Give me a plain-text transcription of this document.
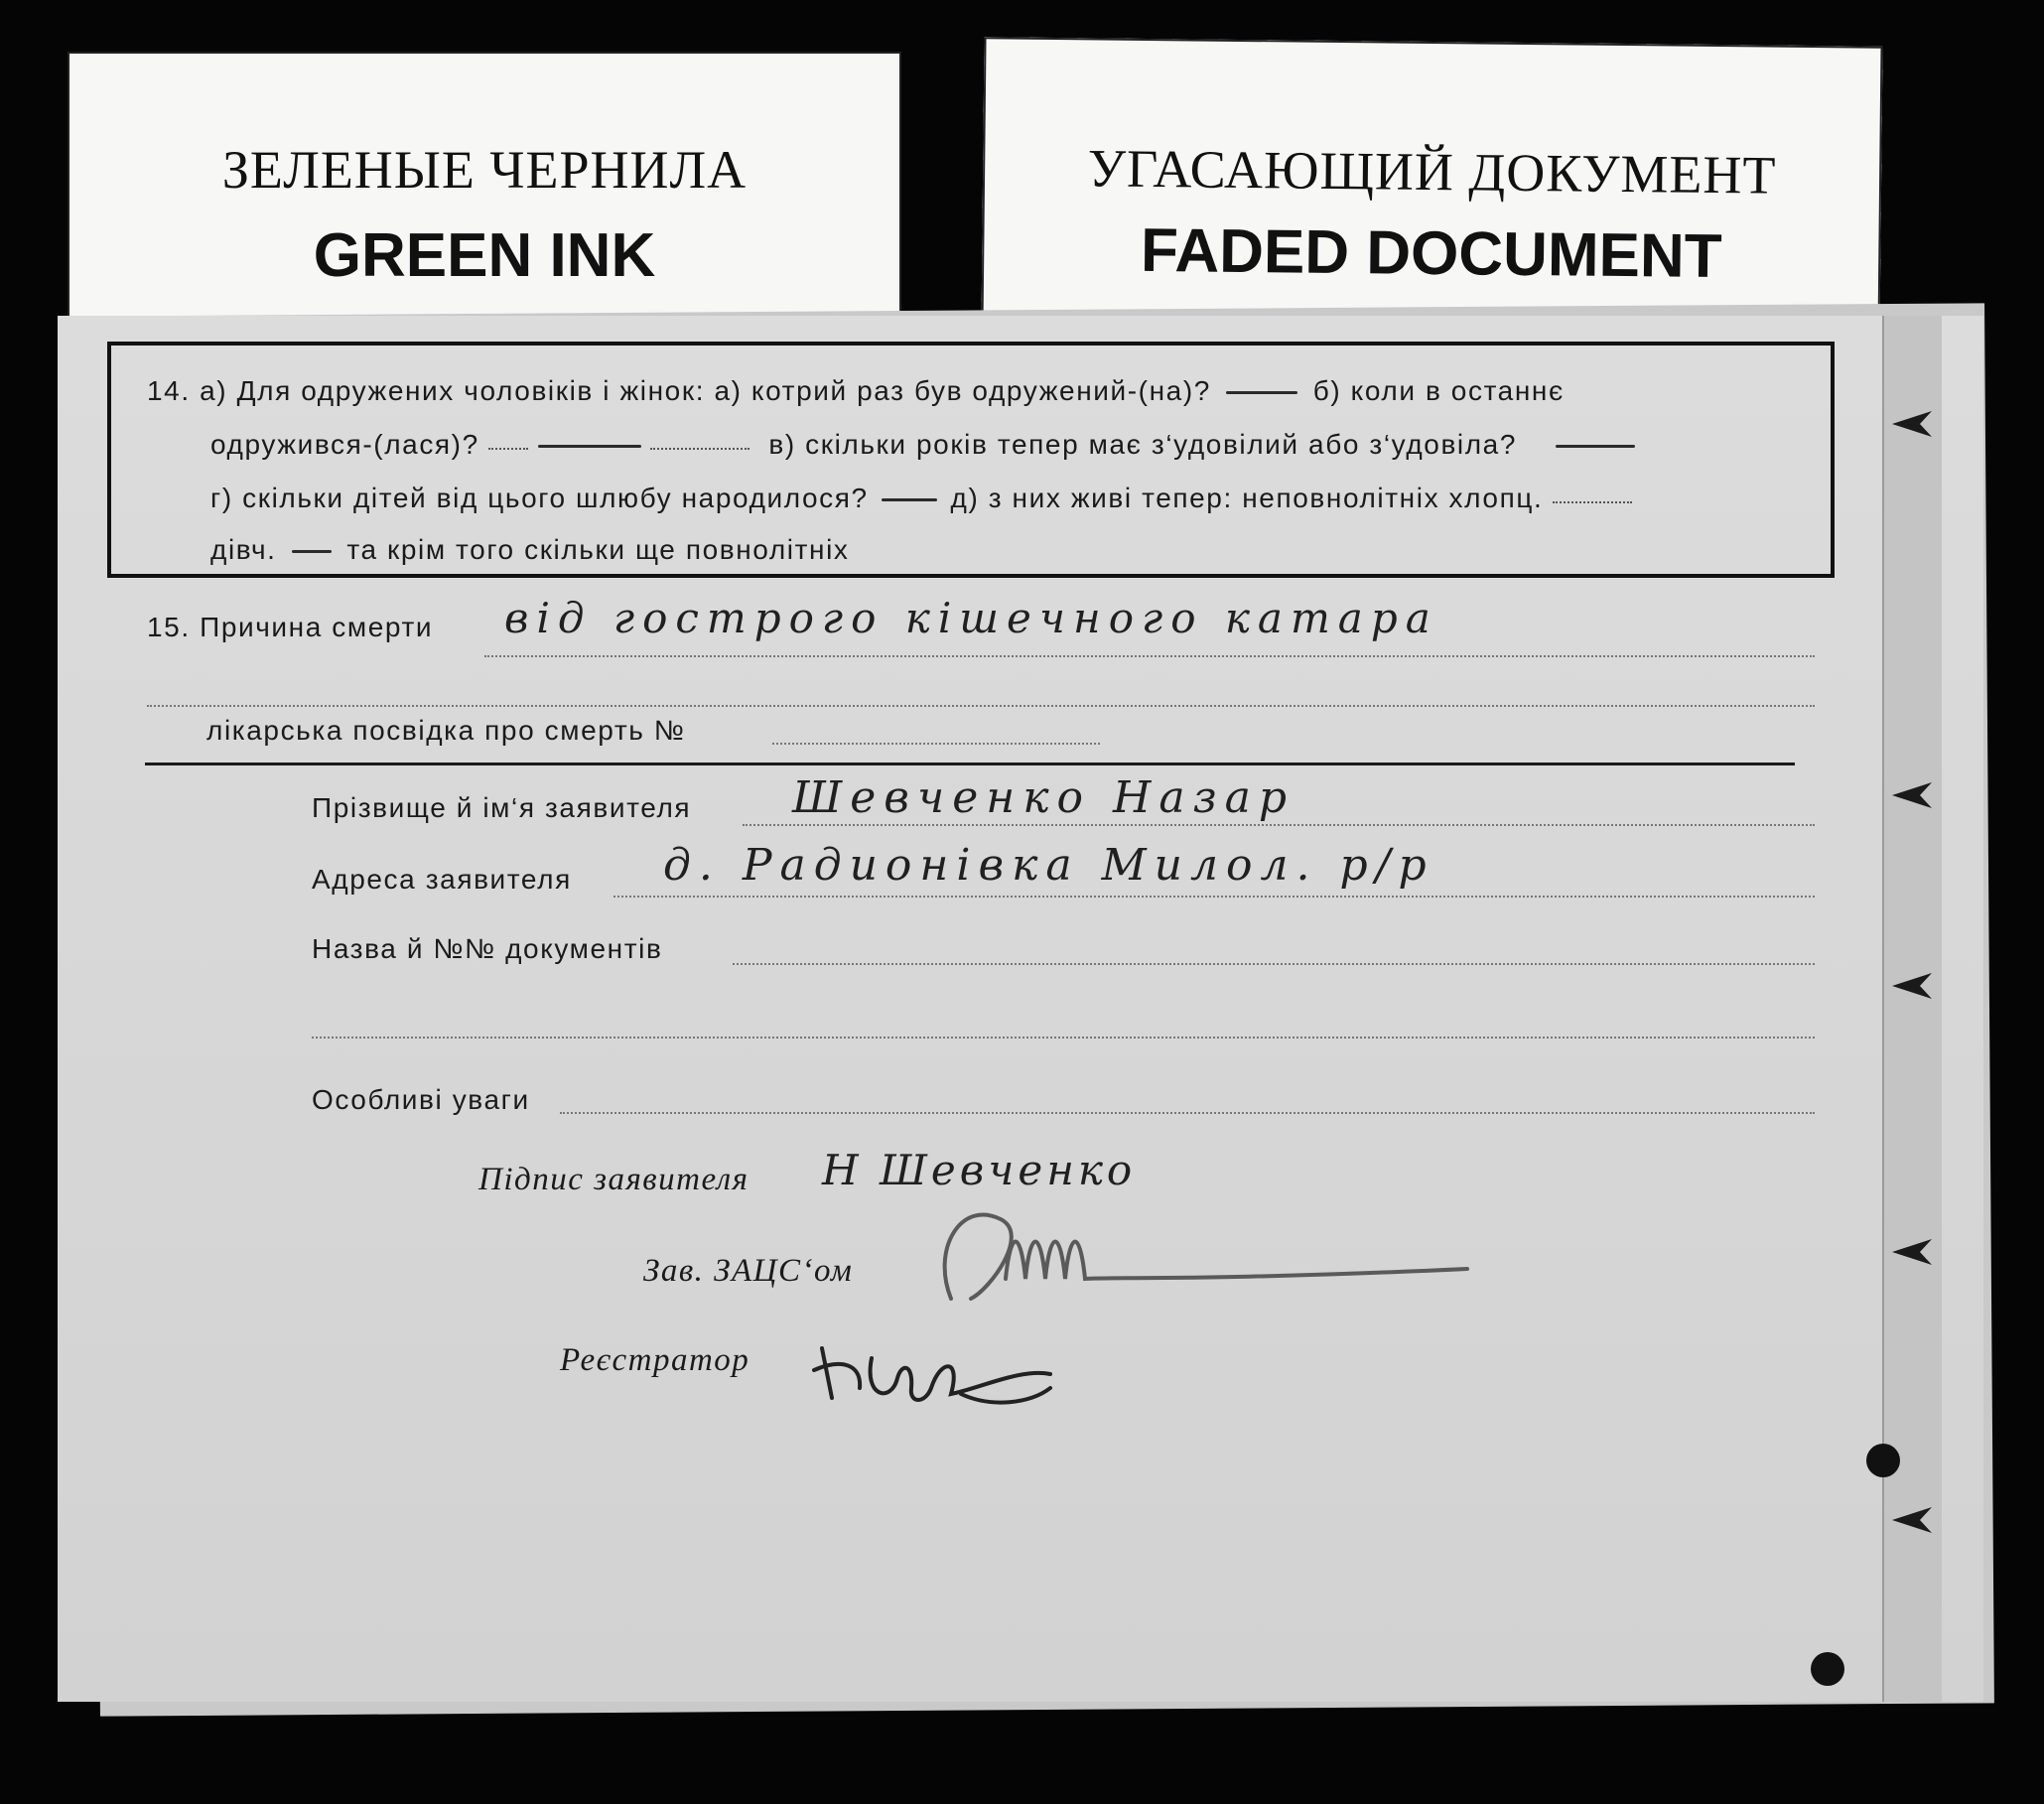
ЗЕЛЕНЫЕ ЧЕРНИЛА
GREEN INK
УГАСАЮЩИЙ ДОКУМЕНТ
FADED DOCUMENT
14. а) Для одружених чоловіків і жінок: а) котрий раз був одружений-(на)?	б) коли в останнє
одружився-(лася)?	в) скільки років тепер має з‘удовілий або з‘удовіла?
г) скільки дітей від цього шлюбу народилося?	д) з них живі тепер: неповнолітніх хлопц.
дівч.	та крім того скільки ще повнолітніх
15. Причина смерти від гострого кішечного катара
лікарська посвідка про смерть №
Прізвище й ім‘я заявителя Шевченко Назар
Адреса заявителя д. Радионівка Милол. р/р
Назва й №№ документів
Особливі уваги
Підпис заявителя Н Шевченко
Зав. ЗАЦС‘ом
Реєстратор
